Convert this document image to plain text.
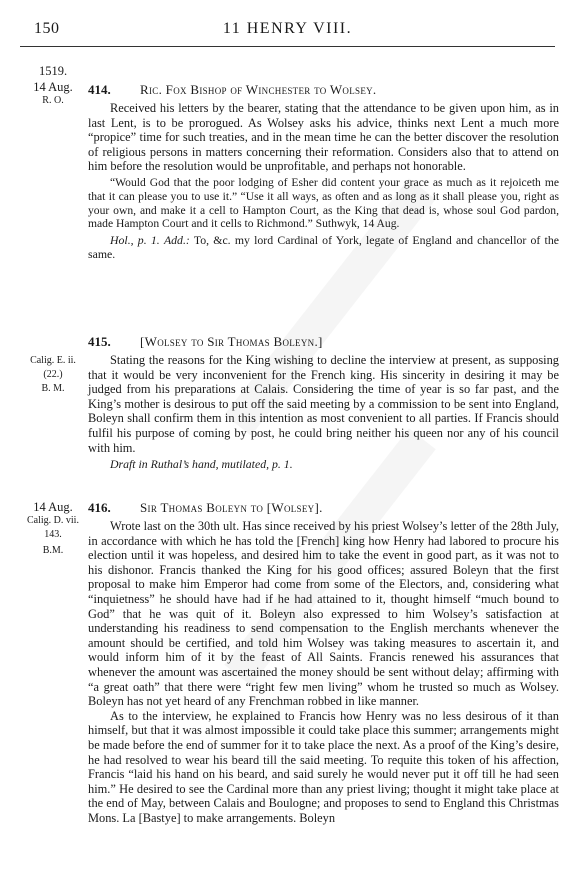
150	11 HENRY VIII.
1519.
14 Aug.
R. O.
414. Ric. Fox Bishop of Winchester to Wolsey.

Received his letters by the bearer, stating that the attendance to be given upon him, as in last Lent, is to be prorogued. As Wolsey asks his advice, thinks next Lent a much more “propice” time for such treaties, and in the mean time he can the better discover the resolution of religious persons in matters concerning their reformation. Considers also that to attend on him before the resolution would be unprofitable, and perhaps not honorable.

“Would God that the poor lodging of Esher did content your grace as much as it rejoiceth me that it can please you to use it.” “Use it all ways, as often and as long as it shall please you, right as your own, and make it a cell to Hampton Court, as the King that dead is, whose soul God pardon, made Hampton Court and it cells to Richmond.” Suthwyk, 14 Aug.

Hol., p. 1. Add.: To, &c. my lord Cardinal of York, legate of England and chancellor of the same.

Calig. E. ii.
(22.)
B. M.
415. [Wolsey to Sir Thomas Boleyn.]

Stating the reasons for the King wishing to decline the interview at present, as supposing that it would be very inconvenient for the French king. His sincerity in desiring it may be judged from his preparations at Calais. Considering the time of year is so far past, and the King’s mother is desirous to put off the said meeting by a commission to be sent into England, Boleyn shall confirm them in this intention as most convenient to all parties. If Francis should fulfil his purpose of coming by post, he could bring neither his queen nor any of his council with him.

Draft in Ruthal’s hand, mutilated, p. 1.

14 Aug.
Calig. D. vii.
143.
B.M.
416. Sir Thomas Boleyn to [Wolsey].

Wrote last on the 30th ult. Has since received by his priest Wolsey’s letter of the 28th July, in accordance with which he has told the [French] king how Henry had labored to procure his election until it was hopeless, and desired him to take the event in good part, as it was not to his dishonor. Francis thanked the King for his good offices; assured Boleyn that the first proposal to make him Emperor had come from some of the Electors, and, considering what “inquietness” he should have had if he had attained to it, thought himself “much bound to God” that he was quit of it. Boleyn also expressed to him Wolsey’s satisfaction at understanding his readiness to send compensation to the English merchants whenever the amount should be certified, and told him Wolsey was taking measures to ascertain it, and would inform him of it by the feast of All Saints. Francis renewed his assurances that whenever the amount was ascertained the money should be sent without delay; affirming with “a great oath” that there were “right few men living” whom he trusted so much as Wolsey. Boleyn has not yet heard of any Frenchman robbed in like manner.

As to the interview, he explained to Francis how Henry was no less desirous of it than himself, but that it was almost impossible it could take place this summer; arrangements might be made before the end of summer for it to take place the next. As a proof of the King’s desire, he had resolved to wear his beard till the said meeting. To requite this token of his affection, Francis “laid his hand on his beard, and said surely he would never put it off till he had seen him.” He desired to see the Cardinal more than any priest living; thought it might take place at the end of May, between Calais and Boulogne; and proposes to send to England this Christmas Mons. La [Bastye] to make arrangements. Boleyn
